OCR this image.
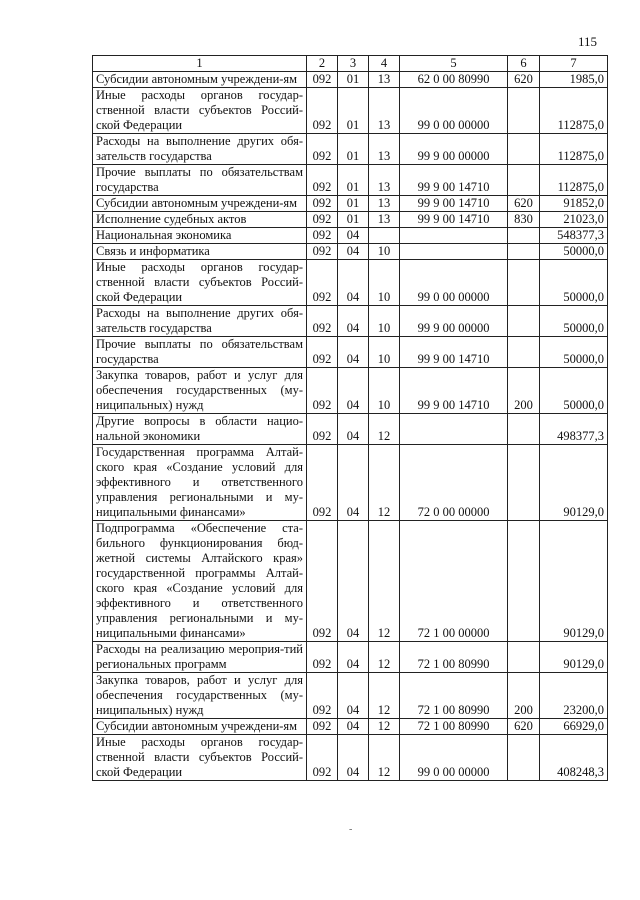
115
1	2	3	4	5	6	7
Субсидии автономным учреждени-ям	092	01	13	62 0 00 80990	620	1985,0
Иные расходы органов государ-ственной власти субъектов Россий-ской Федерации	092	01	13	99 0 00 00000		112875,0
Расходы на выполнение других обя-зательств государства	092	01	13	99 9 00 00000		112875,0
Прочие выплаты по обязательствам государства	092	01	13	99 9 00 14710		112875,0
Субсидии автономным учреждени-ям	092	01	13	99 9 00 14710	620	91852,0
Исполнение судебных актов	092	01	13	99 9 00 14710	830	21023,0
Национальная экономика	092	04				548377,3
Связь и информатика	092	04	10			50000,0
Иные расходы органов государ-ственной власти субъектов Россий-ской Федерации	092	04	10	99 0 00 00000		50000,0
Расходы на выполнение других обя-зательств государства	092	04	10	99 9 00 00000		50000,0
Прочие выплаты по обязательствам государства	092	04	10	99 9 00 14710		50000,0
Закупка товаров, работ и услуг для обеспечения государственных (му-ниципальных) нужд	092	04	10	99 9 00 14710	200	50000,0
Другие вопросы в области нацио-нальной экономики	092	04	12			498377,3
Государственная программа Алтай-ского края «Создание условий для эффективного и ответственного управления региональными и му-ниципальными финансами»	092	04	12	72 0 00 00000		90129,0
Подпрограмма «Обеспечение ста-бильного функционирования бюд-жетной системы Алтайского края» государственной программы Алтай-ского края «Создание условий для эффективного и ответственного управления региональными и му-ниципальными финансами»	092	04	12	72 1 00 00000		90129,0
Расходы на реализацию мероприя-тий региональных программ	092	04	12	72 1 00 80990		90129,0
Закупка товаров, работ и услуг для обеспечения государственных (му-ниципальных) нужд	092	04	12	72 1 00 80990	200	23200,0
Субсидии автономным учреждени-ям	092	04	12	72 1 00 80990	620	66929,0
Иные расходы органов государ-ственной власти субъектов Россий-ской Федерации	092	04	12	99 0 00 00000		408248,3
-
